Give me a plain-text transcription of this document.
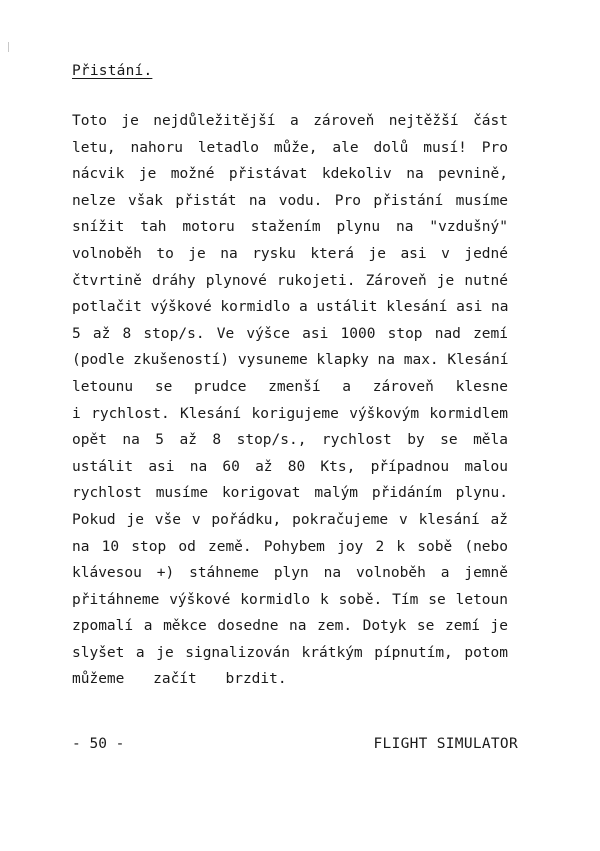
Přistání.
Toto je nejdůležitější a zároveň nejtěžší část
letu, nahoru letadlo může, ale dolů musí! Pro
nácvik je možné přistávat kdekoliv na pevnině,
nelze však přistát na vodu. Pro přistání musíme
snížit tah motoru stažením plynu na "vzdušný"
volnoběh to je na rysku která je asi v jedné
čtvrtině dráhy plynové rukojeti. Zároveň je nutné
potlačit výškové kormidlo a ustálit klesání asi na
5 až 8 stop/s. Ve výšce asi 1000 stop nad zemí
(podle zkušeností) vysuneme klapky na max. Klesání
letounu se prudce zmenší a zároveň klesne
i rychlost. Klesání korigujeme výškovým kormidlem
opět na 5 až 8 stop/s., rychlost by se měla
ustálit asi na 60 až 80 Kts, případnou malou
rychlost musíme korigovat malým přidáním plynu.
Pokud je vše v pořádku, pokračujeme v klesání až
na 10 stop od země. Pohybem joy 2 k sobě (nebo
klávesou +) stáhneme plyn na volnoběh a jemně
přitáhneme výškové kormidlo k sobě. Tím se letoun
zpomalí a měkce dosedne na zem. Dotyk se zemí je
slyšet a je signalizován krátkým pípnutím, potom
můžeme začít brzdit.
- 50 -	FLIGHT SIMULATOR
